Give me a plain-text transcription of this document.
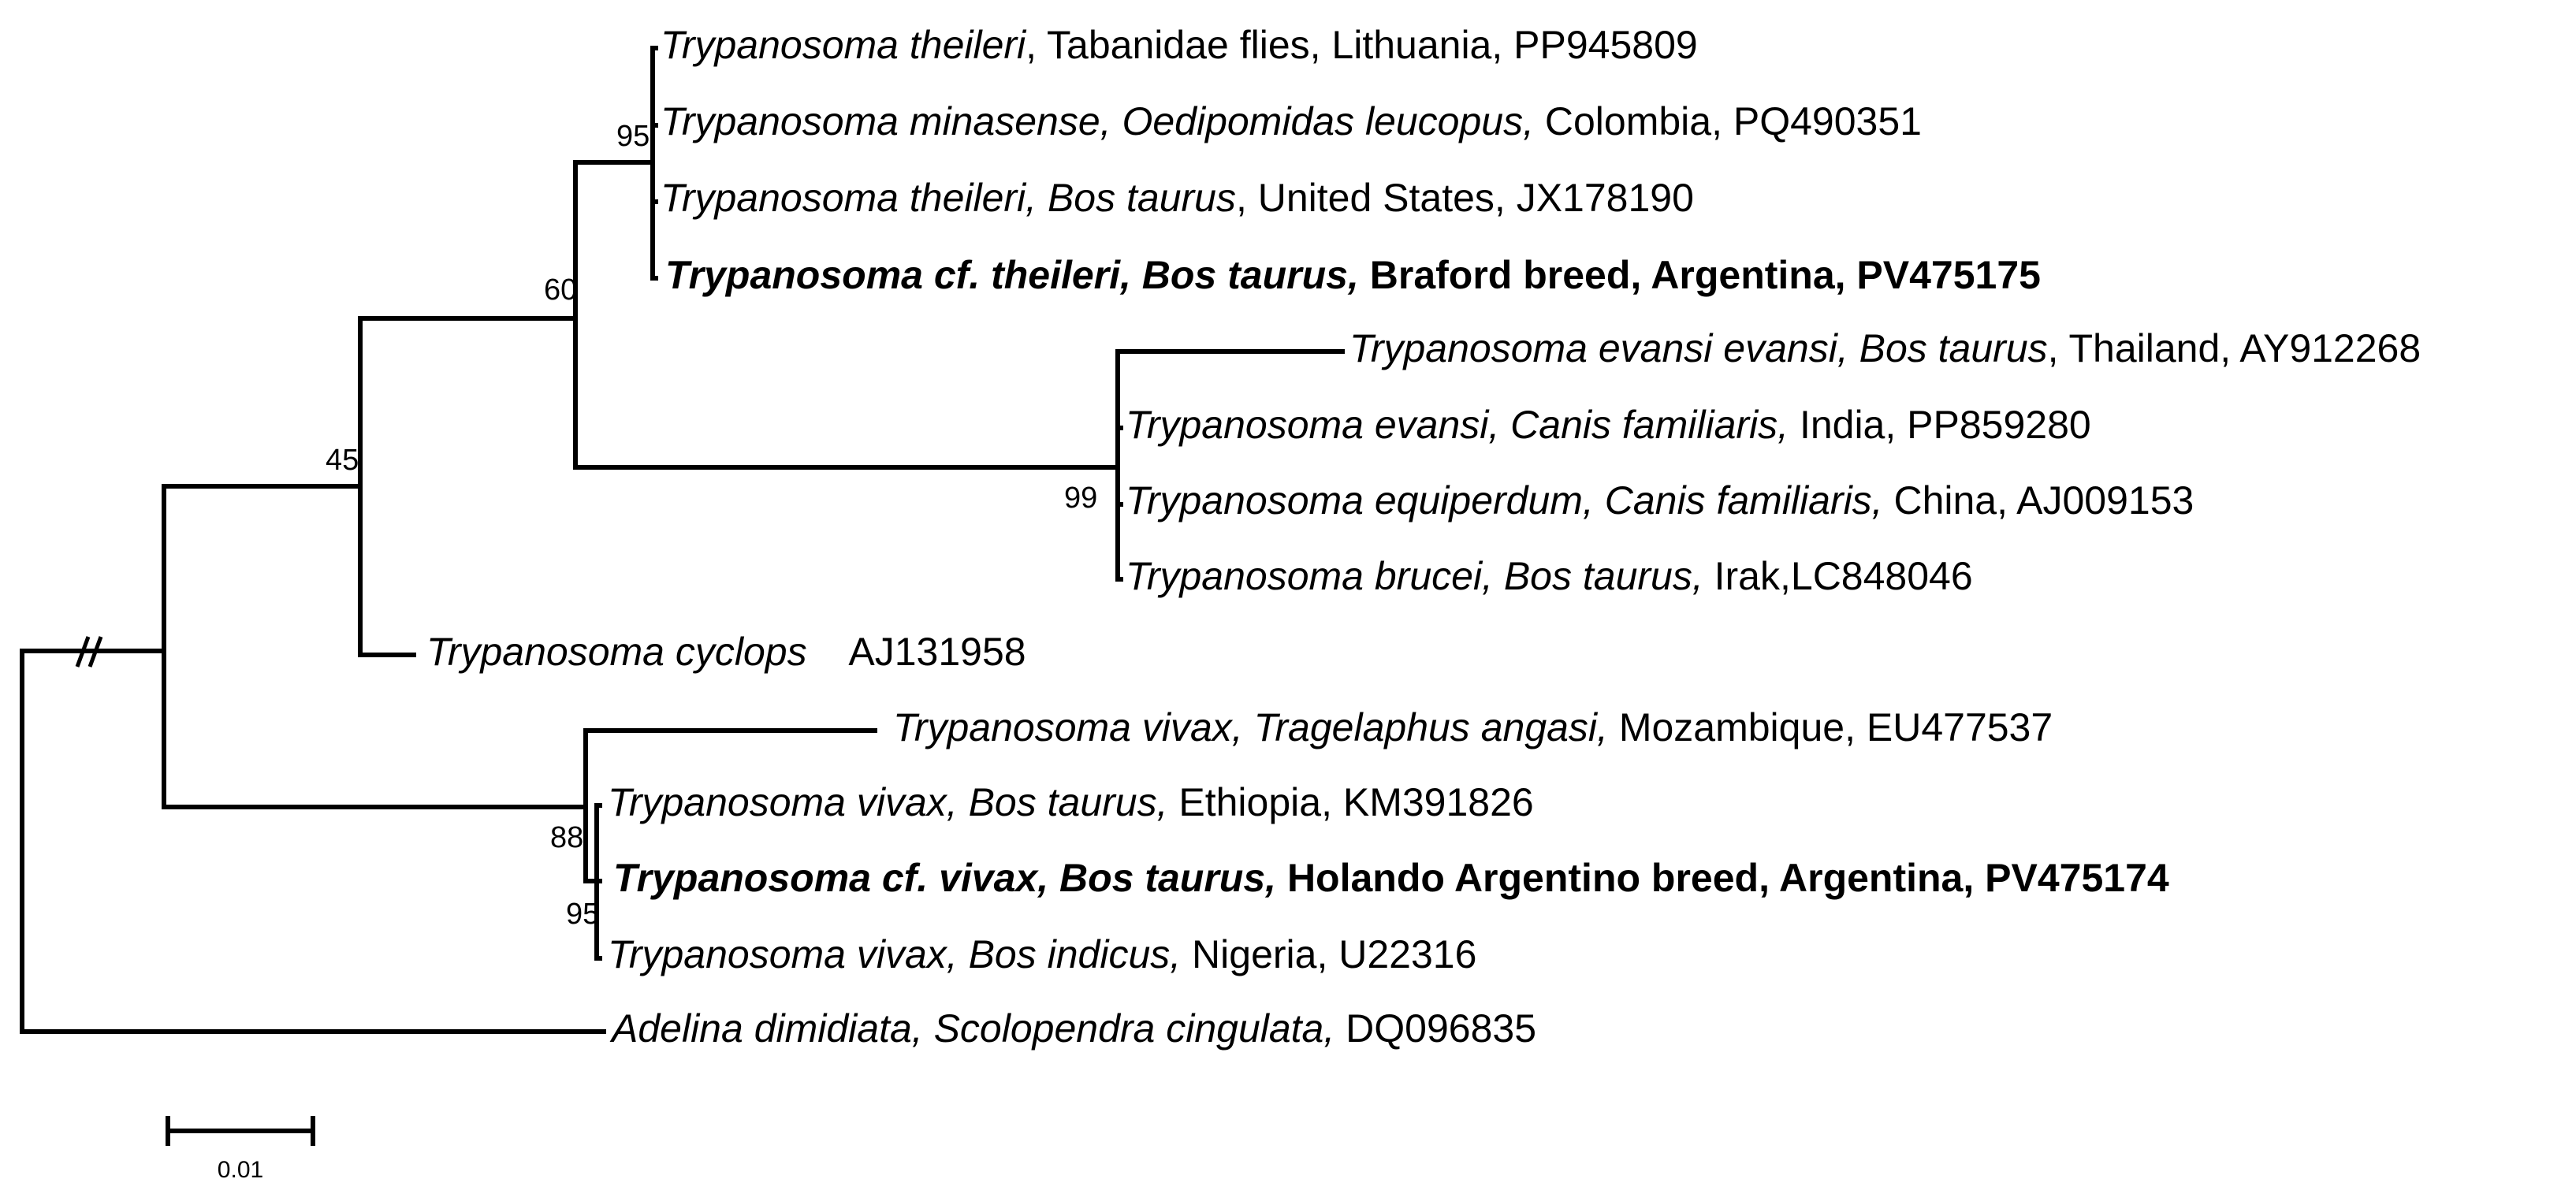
Trypanosoma theileri, Tabanidae flies, Lithuania, PP945809
Trypanosoma minasense, Oedipomidas leucopus, Colombia, PQ490351
Trypanosoma theileri, Bos taurus, United States, JX178190
Trypanosoma cf. theileri, Bos taurus, Braford breed, Argentina, PV475175
Trypanosoma evansi evansi, Bos taurus, Thailand, AY912268
Trypanosoma evansi, Canis familiaris, India, PP859280
Trypanosoma equiperdum, Canis familiaris, China, AJ009153
Trypanosoma brucei, Bos taurus, Irak,LC848046
Trypanosoma cyclops    AJ131958
Trypanosoma vivax, Tragelaphus angasi, Mozambique, EU477537
Trypanosoma vivax, Bos taurus, Ethiopia, KM391826
Trypanosoma cf. vivax, Bos taurus, Holando Argentino breed, Argentina, PV475174
Trypanosoma vivax, Bos indicus, Nigeria, U22316
Adelina dimidiata, Scolopendra cingulata, DQ096835
95
60
45
99
88
95
0.01
